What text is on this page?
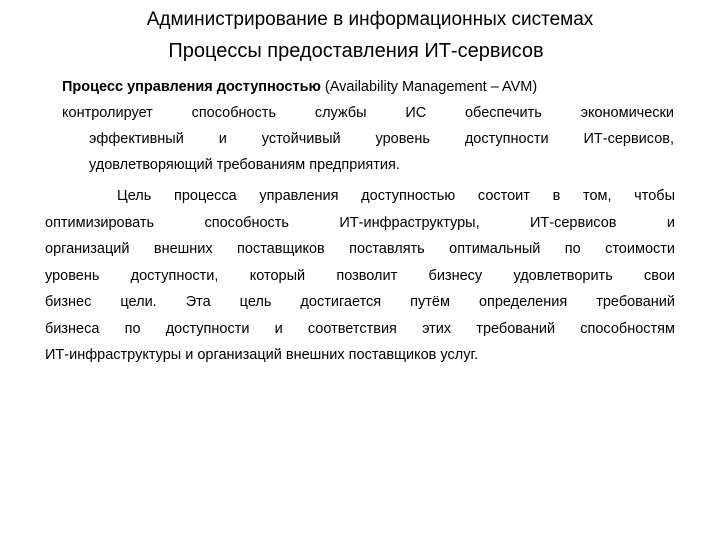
Администрирование в информационных системах
Процессы предоставления ИТ-сервисов
Процесс управления доступностью (Availability Management – AVM)
контролирует способность службы ИС обеспечить экономически
эффективный и устойчивый уровень доступности ИТ-сервисов,
удовлетворяющий требованиям предприятия.
Цель процесса управления доступностью состоит в том, чтобы
оптимизировать способность ИТ-инфраструктуры, ИТ-сервисов и
организаций внешних поставщиков поставлять оптимальный по стоимости
уровень доступности, который позволит бизнесу удовлетворить свои
бизнес цели. Эта цель достигается путём определения требований
бизнеса по доступности и соответствия этих требований способностям
ИТ-инфраструктуры и организаций внешних поставщиков услуг.
